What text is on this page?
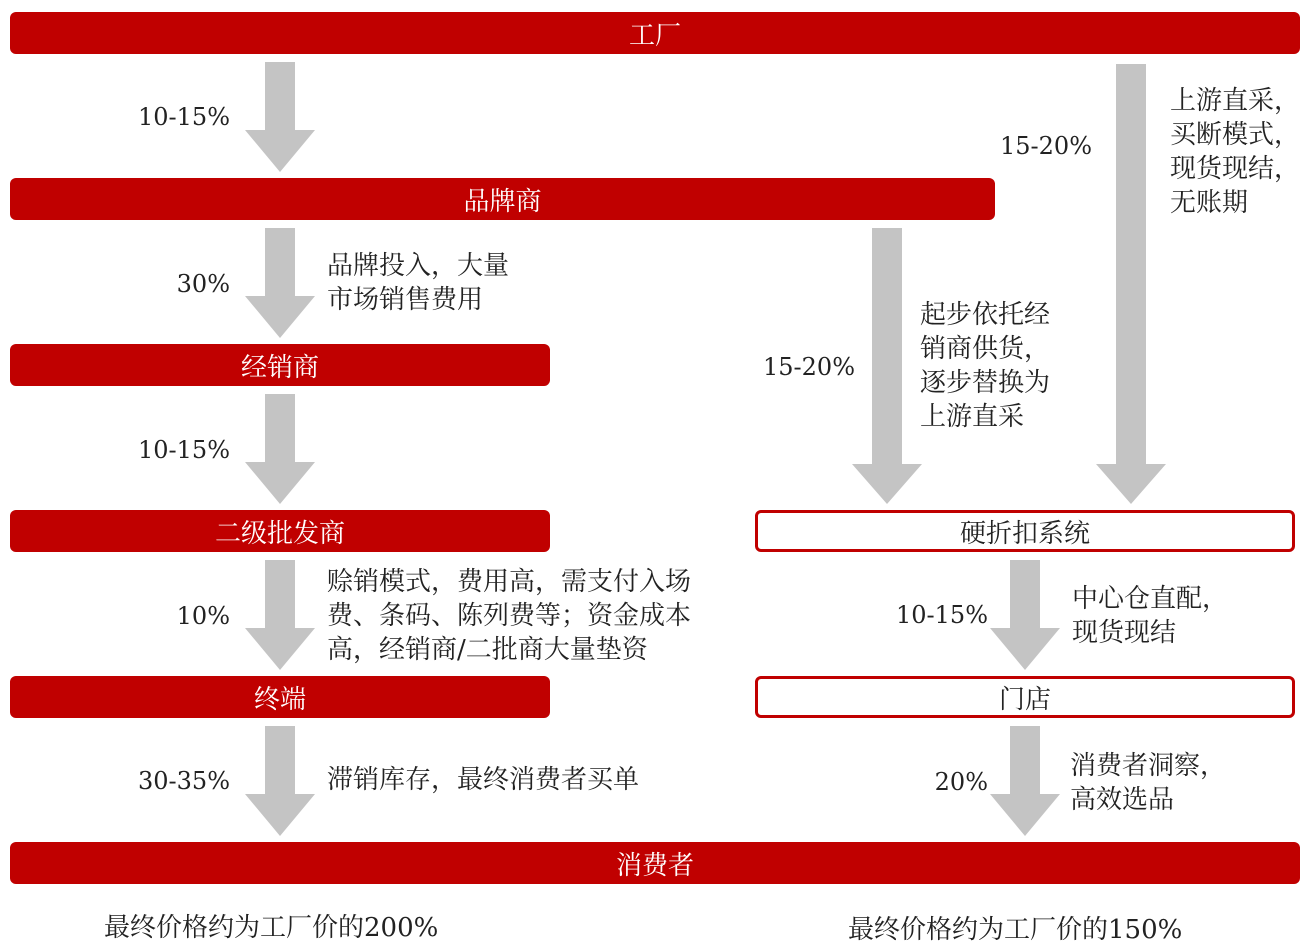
工厂
品牌商
经销商
二级批发商
终端
消费者
硬折扣系统
门店
10-15%
30%
10-15%
10%
30-35%
品牌投入，大量
市场销售费用
赊销模式，费用高，需支付入场
费、条码、陈列费等；资金成本
高，经销商/二批商大量垫资
滞销库存，最终消费者买单
15-20%
15-20%
10-15%
20%
上游直采，
买断模式，
现货现结，
无账期
起步依托经
销商供货，
逐步替换为
上游直采
中心仓直配，
现货现结
消费者洞察，
高效选品
最终价格约为工厂价的200%	最终价格约为工厂价的150%
